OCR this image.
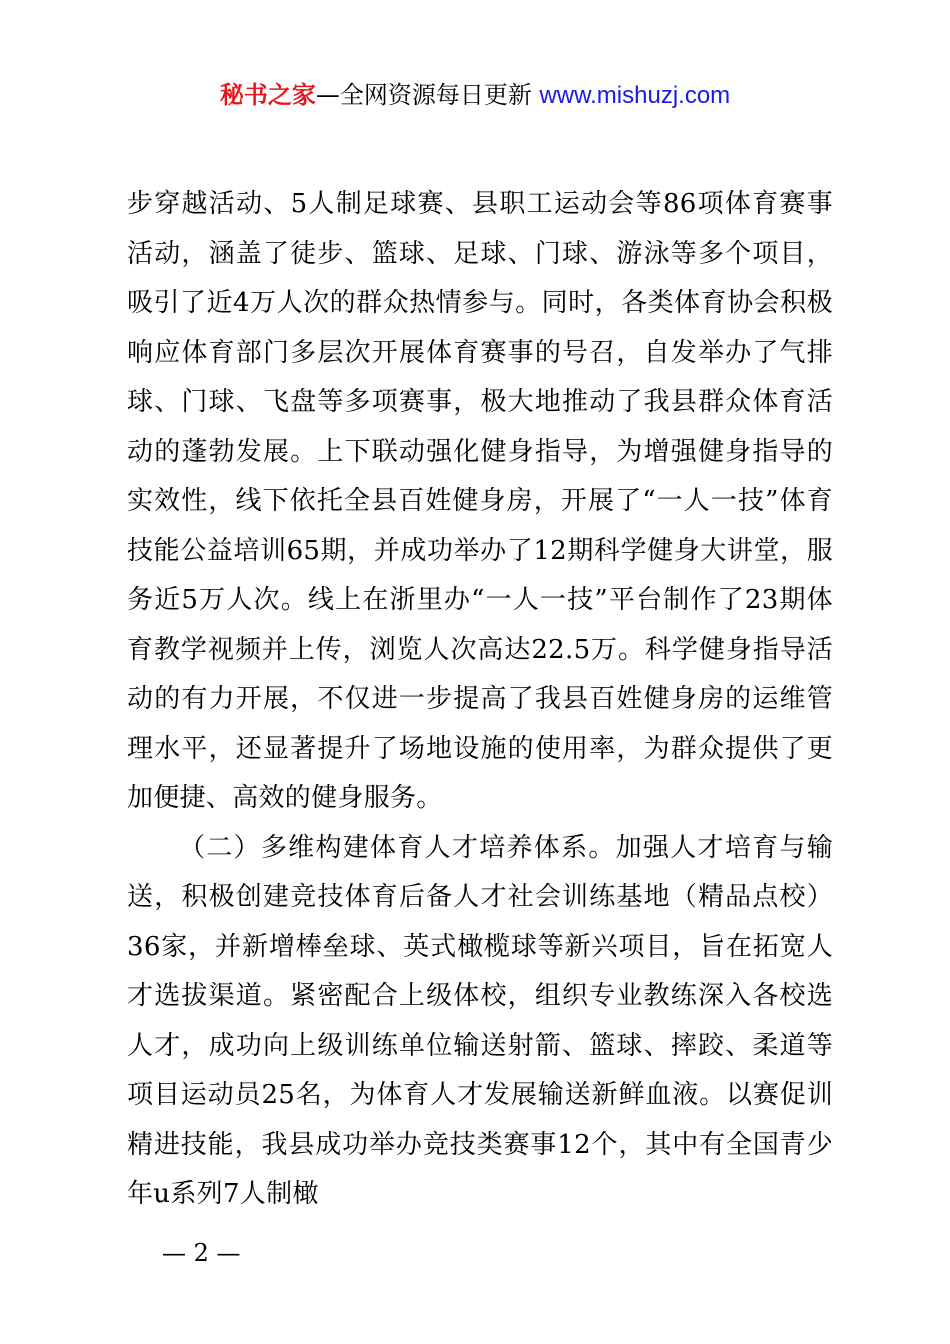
秘书之家—全网资源每日更新 www.mishuzj.com

步穿越活动、5人制足球赛、县职工运动会等86项体育赛事活动，涵盖了徒步、篮球、足球、门球、游泳等多个项目，吸引了近4万人次的群众热情参与。同时，各类体育协会积极响应体育部门多层次开展体育赛事的号召，自发举办了气排球、门球、飞盘等多项赛事，极大地推动了我县群众体育活动的蓬勃发展。上下联动强化健身指导，为增强健身指导的实效性，线下依托全县百姓健身房，开展了“一人一技”体育技能公益培训65期，并成功举办了12期科学健身大讲堂，服务近5万人次。线上在浙里办“一人一技”平台制作了23期体育教学视频并上传，浏览人次高达22.5万。科学健身指导活动的有力开展，不仅进一步提高了我县百姓健身房的运维管理水平，还显著提升了场地设施的使用率，为群众提供了更加便捷、高效的健身服务。

（二）多维构建体育人才培养体系。加强人才培育与输送，积极创建竞技体育后备人才社会训练基地（精品点校）36家，并新增棒垒球、英式橄榄球等新兴项目，旨在拓宽人才选拔渠道。紧密配合上级体校，组织专业教练深入各校选人才，成功向上级训练单位输送射箭、篮球、摔跤、柔道等项目运动员25名，为体育人才发展输送新鲜血液。以赛促训精进技能，我县成功举办竞技类赛事12个，其中有全国青少年u系列7人制橄

— 2 —
